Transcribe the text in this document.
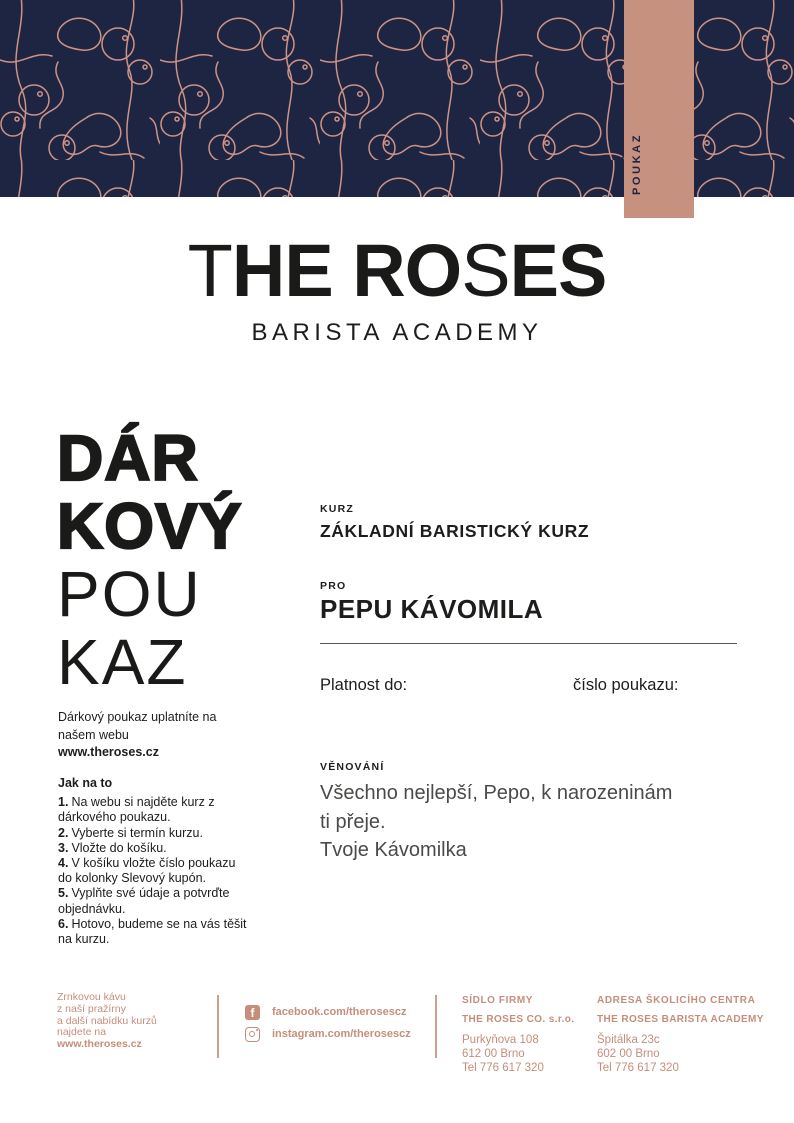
DÁRKOVÝ POUKAZ
THE ROSES
BARISTA ACADEMY
DÁR
KOVÝ
POU
KAZ
Dárkový poukaz uplatníte na
našem webu
www.theroses.cz
Jak na to
1. Na webu si najděte kurz z dárkového poukazu.
2. Vyberte si termín kurzu.
3. Vložte do košíku.
4. V košíku vložte číslo poukazu do kolonky Slevový kupón.
5. Vyplňte své údaje a potvrďte objednávku.
6. Hotovo, budeme se na vás těšit na kurzu.
KURZ
ZÁKLADNÍ BARISTICKÝ KURZ
PRO
PEPU KÁVOMILA
Platnost do:	číslo poukazu:
VĚNOVÁNÍ
Všechno nejlepší, Pepo, k narozeninám
ti přeje.
Tvoje Kávomilka
Zrnkovou kávu
z naší pražírny
a další nabídku kurzů
najdete na
www.theroses.cz
f	facebook.com/therosescz
instagram.com/therosescz
SÍDLO FIRMY
THE ROSES CO. s.r.o.
Purkyňova 108
612 00 Brno
Tel 776 617 320
ADRESA ŠKOLICÍHO CENTRA
THE ROSES BARISTA ACADEMY
Špitálka 23c
602 00 Brno
Tel 776 617 320
